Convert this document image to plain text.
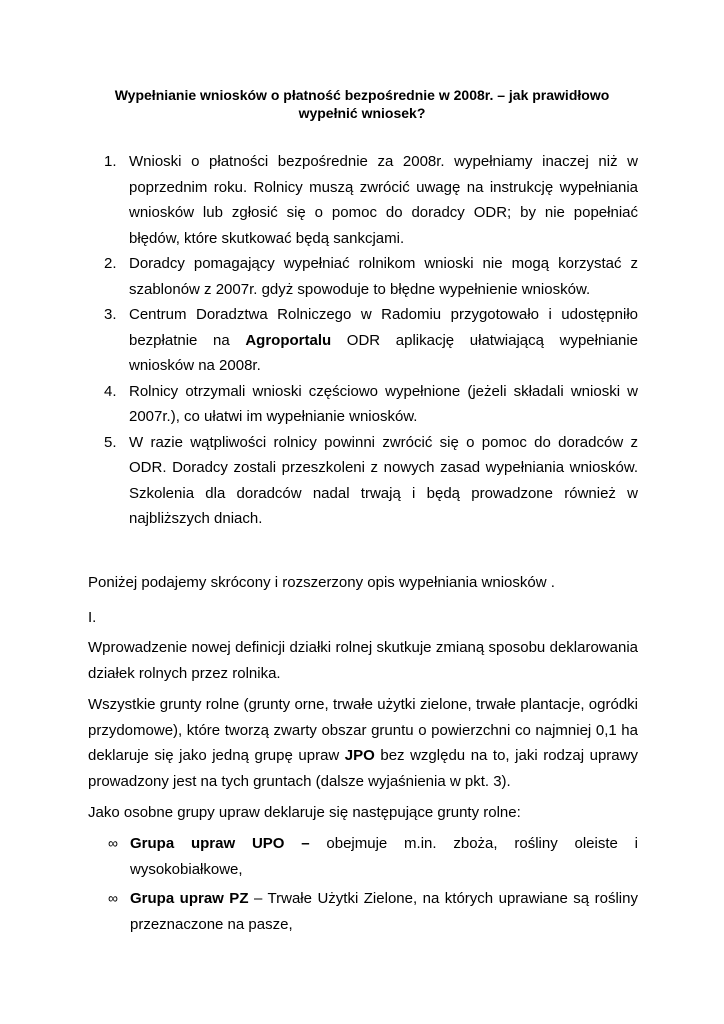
Wypełnianie wniosków o płatność bezpośrednie w 2008r. – jak prawidłowo
wypełnić wniosek?
1. Wnioski o płatności bezpośrednie za 2008r. wypełniamy inaczej niż w poprzednim roku. Rolnicy muszą zwrócić uwagę na instrukcję wypełniania wniosków lub zgłosić się o pomoc do doradcy ODR; by nie popełniać błędów, które skutkować będą sankcjami.
2. Doradcy pomagający wypełniać rolnikom wnioski nie mogą korzystać z szablonów z 2007r. gdyż spowoduje to błędne wypełnienie wniosków.
3. Centrum Doradztwa Rolniczego w Radomiu przygotowało i udostępniło bezpłatnie na Agroportalu ODR aplikację ułatwiającą wypełnianie wniosków na 2008r.
4. Rolnicy otrzymali wnioski częściowo wypełnione (jeżeli składali wnioski w 2007r.), co ułatwi im wypełnianie wniosków.
5. W razie wątpliwości rolnicy powinni zwrócić się o pomoc do doradców z ODR. Doradcy zostali przeszkoleni z nowych zasad wypełniania wniosków. Szkolenia dla doradców nadal trwają i będą prowadzone również w najbliższych dniach.
Poniżej podajemy skrócony i rozszerzony opis wypełniania wniosków .
I.
Wprowadzenie nowej definicji działki rolnej skutkuje zmianą sposobu deklarowania działek rolnych przez rolnika.
Wszystkie grunty rolne (grunty orne, trwałe użytki zielone, trwałe plantacje, ogródki przydomowe), które tworzą zwarty obszar gruntu o powierzchni co najmniej 0,1 ha deklaruje się jako jedną grupę upraw JPO bez względu na to, jaki rodzaj uprawy prowadzony jest na tych gruntach (dalsze wyjaśnienia w pkt. 3).
Jako osobne grupy upraw deklaruje się następujące grunty rolne:
∞ Grupa upraw UPO – obejmuje m.in. zboża, rośliny oleiste i wysokobiałkowe,
∞ Grupa upraw PZ – Trwałe Użytki Zielone, na których uprawiane są rośliny przeznaczone na pasze,
